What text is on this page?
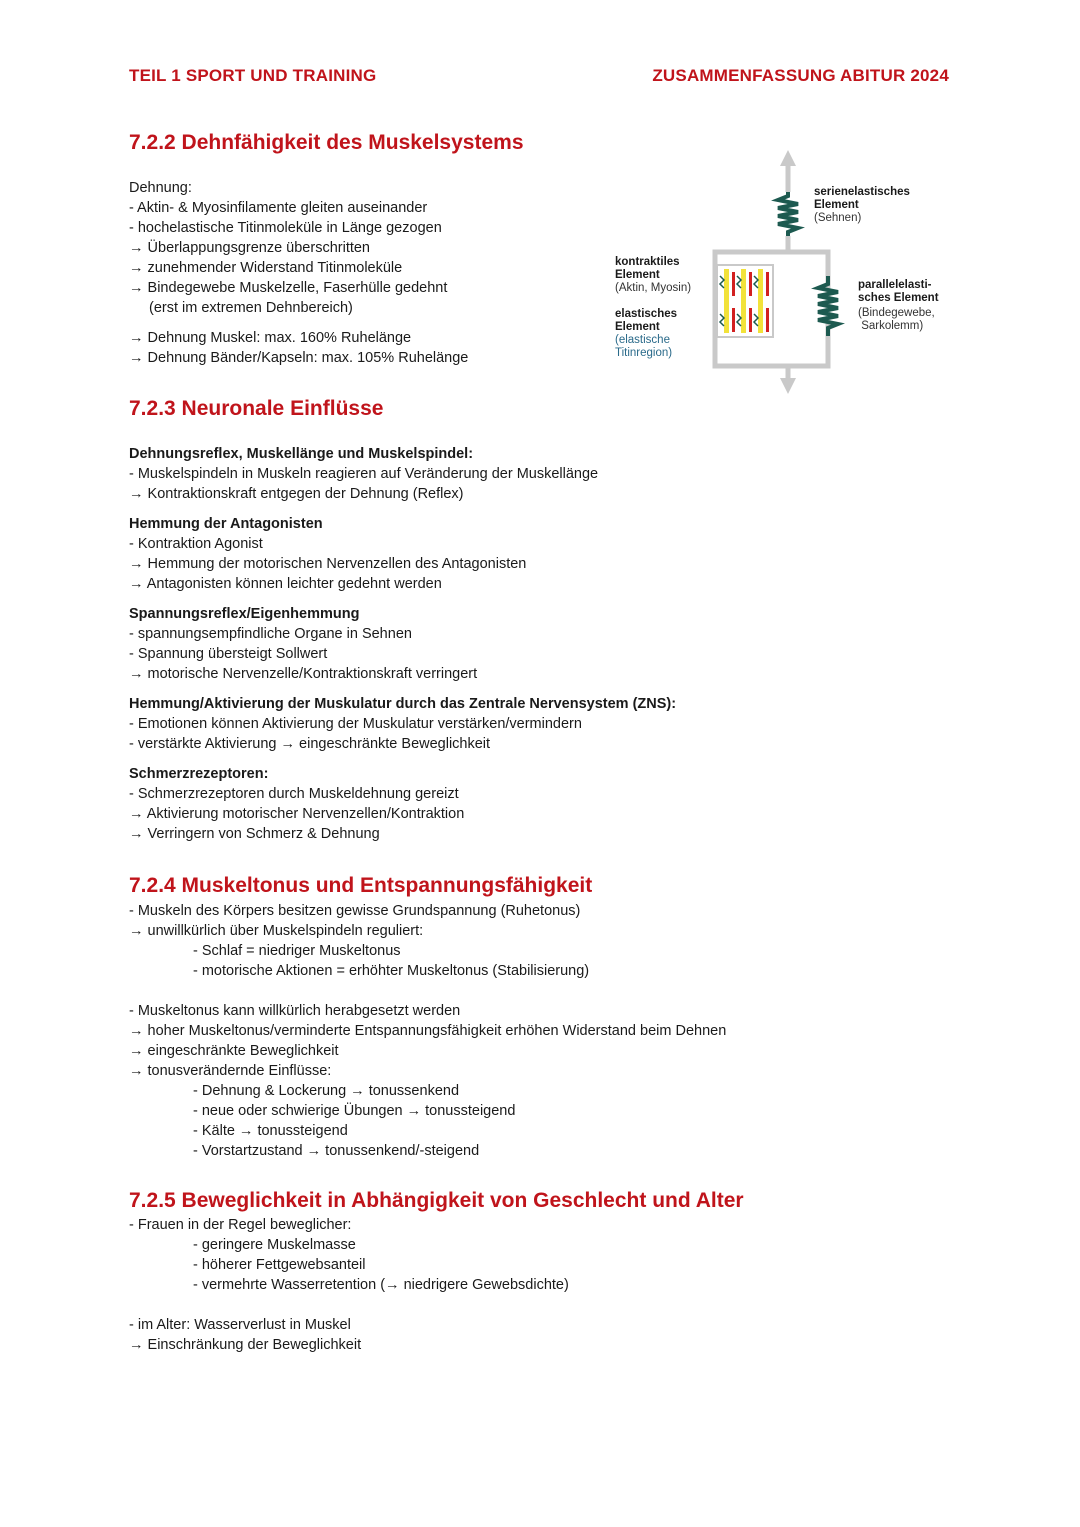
TEIL 1 SPORT UND TRAINING	ZUSAMMENFASSUNG ABITUR 2024
7.2.2 Dehnfähigkeit des Muskelsystems
Dehnung:
- Aktin- & Myosinfilamente gleiten auseinander
- hochelastische Titinmoleküle in Länge gezogen
→ Überlappungsgrenze überschritten
→ zunehmender Widerstand Titinmoleküle
→ Bindegewebe Muskelzelle, Faserhülle gedehnt
(erst im extremen Dehnbereich)
→ Dehnung Muskel: max. 160% Ruhelänge
→ Dehnung Bänder/Kapseln: max. 105% Ruhelänge
serienelastisches
Element
(Sehnen)
kontraktiles
Element
(Aktin, Myosin)
elastisches
Element
(elastische
Titinregion)
parallelelasti-
sches Element
(Bindegewebe,
Sarkolemm)
7.2.3 Neuronale Einflüsse
Dehnungsreflex, Muskellänge und Muskelspindel:
- Muskelspindeln in Muskeln reagieren auf Veränderung der Muskellänge
→ Kontraktionskraft entgegen der Dehnung (Reflex)
Hemmung der Antagonisten
- Kontraktion Agonist
→ Hemmung der motorischen Nervenzellen des Antagonisten
→ Antagonisten können leichter gedehnt werden
Spannungsreflex/Eigenhemmung
- spannungsempfindliche Organe in Sehnen
- Spannung übersteigt Sollwert
→ motorische Nervenzelle/Kontraktionskraft verringert
Hemmung/Aktivierung der Muskulatur durch das Zentrale Nervensystem (ZNS):
- Emotionen können Aktivierung der Muskulatur verstärken/vermindern
- verstärkte Aktivierung → eingeschränkte Beweglichkeit
Schmerzrezeptoren:
- Schmerzrezeptoren durch Muskeldehnung gereizt
→ Aktivierung motorischer Nervenzellen/Kontraktion
→ Verringern von Schmerz & Dehnung
7.2.4 Muskeltonus und Entspannungsfähigkeit
- Muskeln des Körpers besitzen gewisse Grundspannung (Ruhetonus)
→ unwillkürlich über Muskelspindeln reguliert:
- Schlaf = niedriger Muskeltonus
- motorische Aktionen = erhöhter Muskeltonus (Stabilisierung)
- Muskeltonus kann willkürlich herabgesetzt werden
→ hoher Muskeltonus/verminderte Entspannungsfähigkeit erhöhen Widerstand beim Dehnen
→ eingeschränkte Beweglichkeit
→ tonusverändernde Einflüsse:
- Dehnung & Lockerung → tonussenkend
- neue oder schwierige Übungen → tonussteigend
- Kälte → tonussteigend
- Vorstartzustand → tonussenkend/-steigend
7.2.5 Beweglichkeit in Abhängigkeit von Geschlecht und Alter
- Frauen in der Regel beweglicher:
- geringere Muskelmasse
- höherer Fettgewebsanteil
- vermehrte Wasserretention (→ niedrigere Gewebsdichte)
- im Alter: Wasserverlust in Muskel
→ Einschränkung der Beweglichkeit
